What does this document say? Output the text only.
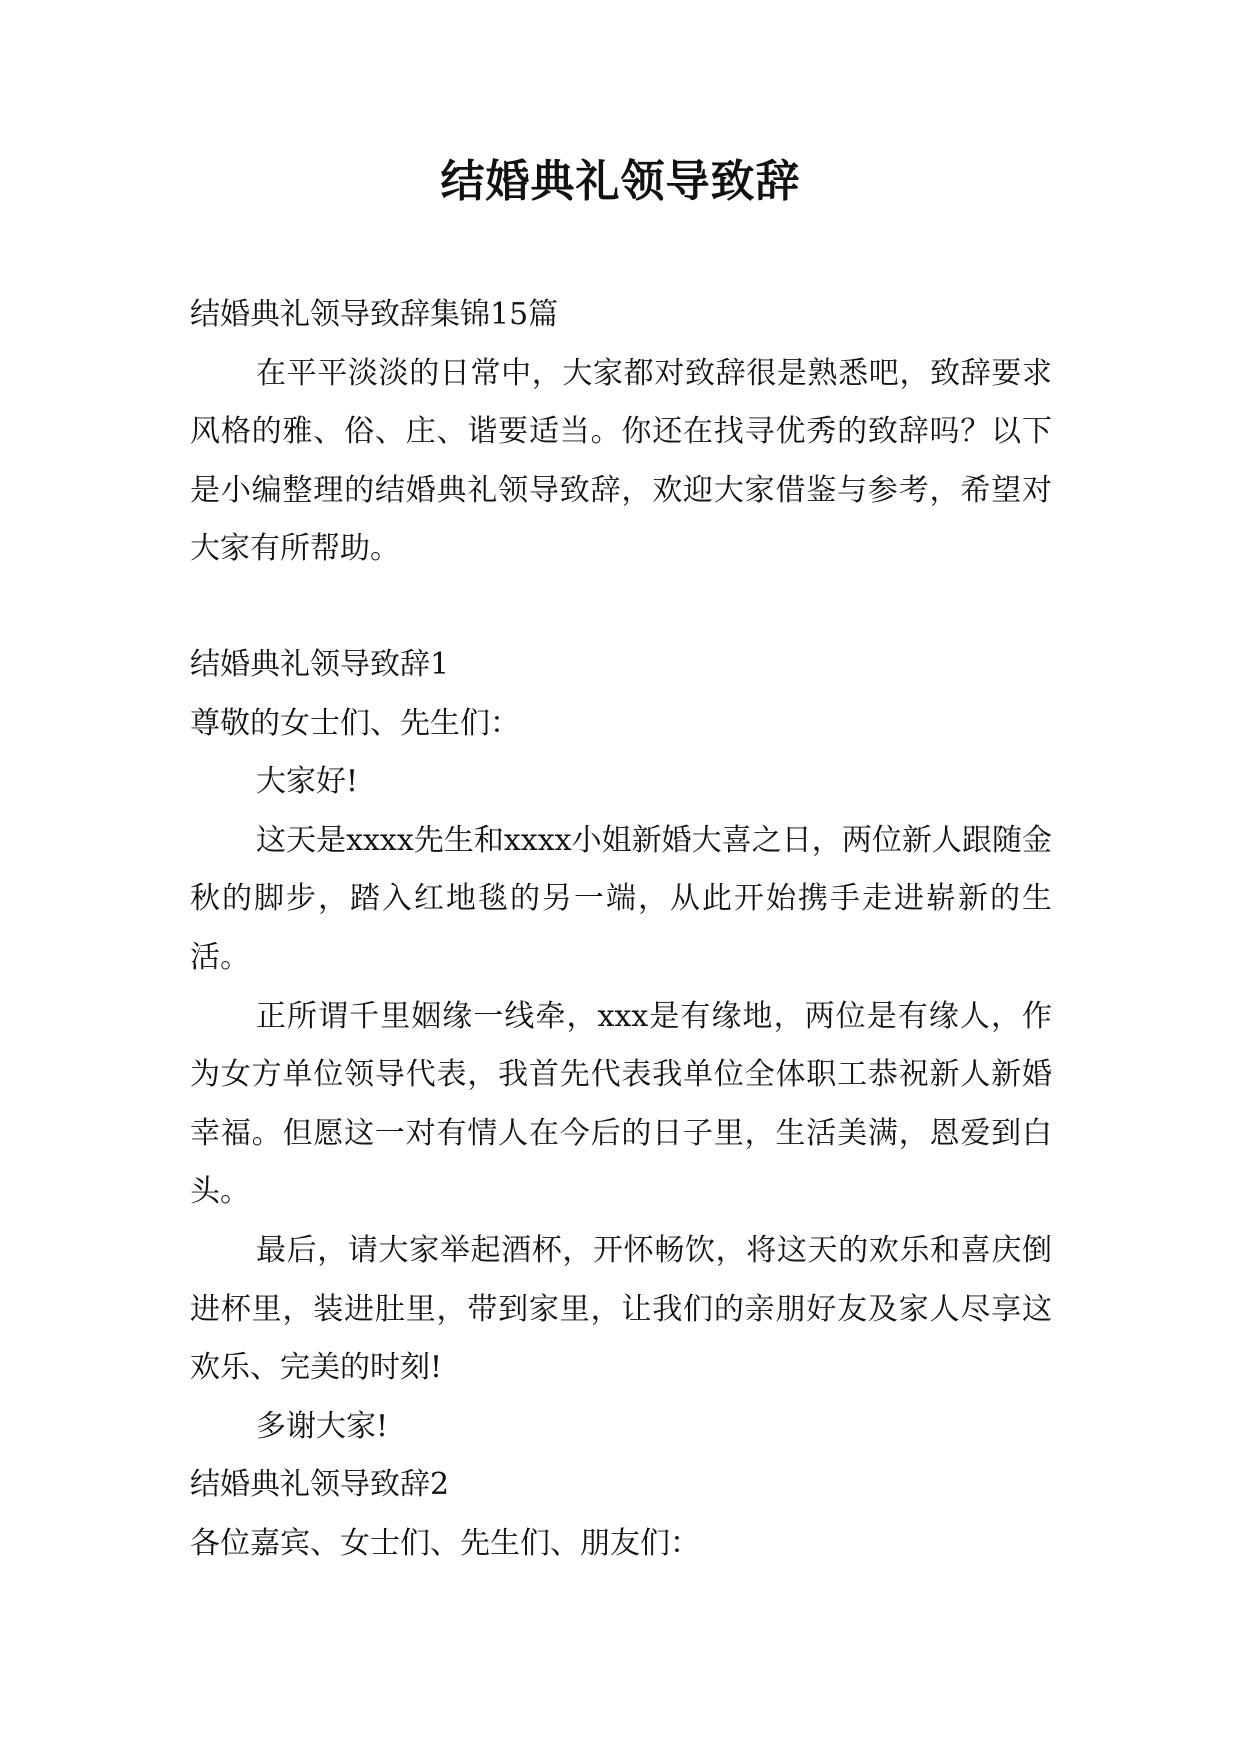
结婚典礼领导致辞

结婚典礼领导致辞集锦15篇

在平平淡淡的日常中，大家都对致辞很是熟悉吧，致辞要求风格的雅、俗、庄、谐要适当。你还在找寻优秀的致辞吗？以下是小编整理的结婚典礼领导致辞，欢迎大家借鉴与参考，希望对大家有所帮助。

结婚典礼领导致辞1

尊敬的女士们、先生们：

大家好!

这天是xxxx先生和xxxx小姐新婚大喜之日，两位新人跟随金秋的脚步，踏入红地毯的另一端，从此开始携手走进崭新的生活。

正所谓千里姻缘一线牵，xxx是有缘地，两位是有缘人，作为女方单位领导代表，我首先代表我单位全体职工恭祝新人新婚幸福。但愿这一对有情人在今后的日子里，生活美满，恩爱到白头。

最后，请大家举起酒杯，开怀畅饮，将这天的欢乐和喜庆倒进杯里，装进肚里，带到家里，让我们的亲朋好友及家人尽享这欢乐、完美的时刻!

多谢大家!

结婚典礼领导致辞2

各位嘉宾、女士们、先生们、朋友们：
